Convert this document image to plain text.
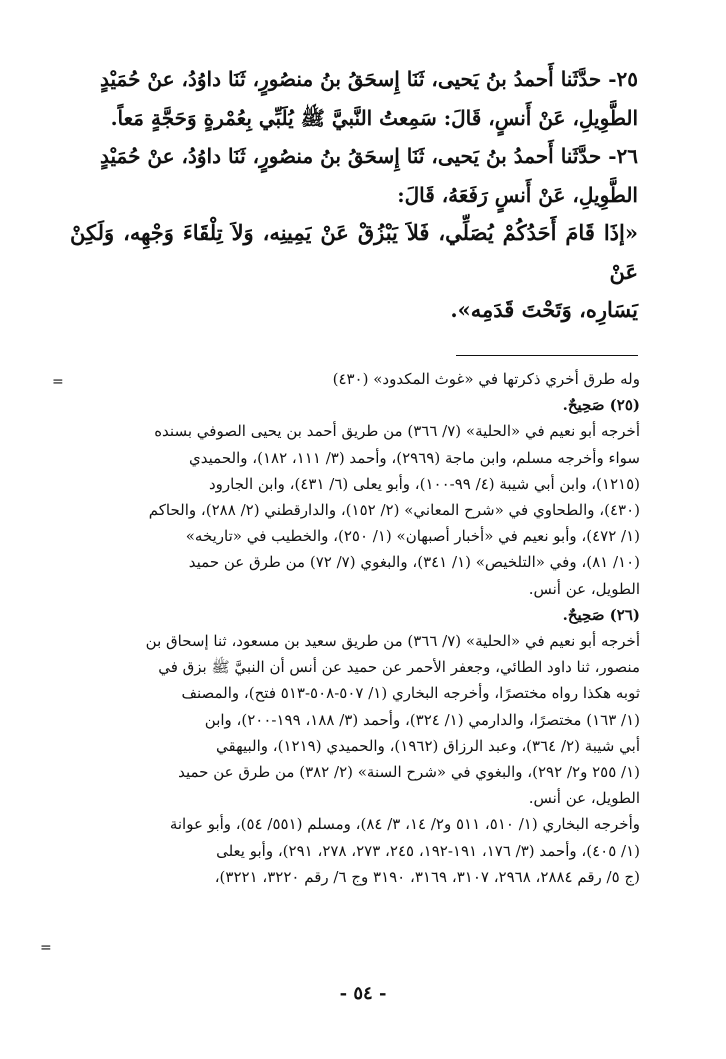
٢٥- حدَّثَنا أَحمدُ بنُ يَحيى، ثَنَا إِسحَقُ بنُ منصُورٍ، ثَنَا داوُدُ، عنْ حُمَيْدٍ

الطَّوِيلِ، عَنْ أَنسٍ، قَالَ: سَمِعتُ النَّبيَّ ﷺ يُلَبِّي بِعُمْرةٍ وَحَجَّةٍ مَعاً.

٢٦- حدَّثَنا أَحمدُ بنُ يَحيى، ثَنَا إِسحَقُ بنُ منصُورٍ، ثَنَا داوُدُ، عنْ حُمَيْدٍ

الطَّوِيلِ، عَنْ أَنسٍ رَفَعَهُ، قَالَ:

«إذَا قَامَ أَحَدُكُمْ يُصَلِّي، فَلاَ يَبْزُقْ عَنْ يَمِينِه، وَلاَ تِلْقَاءَ وَجْهِه، وَلَكِنْ عَنْ

يَسَارِه، وَتَحْتَ قَدَمِه».

=	وله طرق أخري ذكرتها في «غوث المكدود» (٤٣٠)

(٢٥) صَحِيحٌ.

أخرجه أبو نعيم في «الحلية» (٧/ ٣٦٦) من طريق أحمد بن يحيى الصوفي بسنده

سواء وأخرجه مسلم، وابن ماجة (٢٩٦٩)، وأحمد (٣/ ١١١، ١٨٢)، والحميدي

(١٢١٥)، وابن أبي شيبة (٤/ ٩٩-١٠٠)، وأبو يعلى (٦/ ٤٣١)، وابن الجارود

(٤٣٠)، والطحاوي في «شرح المعاني» (٢/ ١٥٢)، والدارقطني (٢/ ٢٨٨)، والحاكم

(١/ ٤٧٢)، وأبو نعيم في «أخبار أصبهان» (١/ ٢٥٠)، والخطيب في «تاريخه»

(١٠/ ٨١)، وفي «التلخيص» (١/ ٣٤١)، والبغوي (٧/ ٧٢) من طرق عن حميد

الطويل، عن أنس.

(٢٦) صَحِيحٌ.

أخرجه أبو نعيم في «الحلية» (٧/ ٣٦٦) من طريق سعيد بن مسعود، ثنا إسحاق بن

منصور، ثنا داود الطائي، وجعفر الأحمر عن حميد عن أنس أن النبيَّ ﷺ بزق في

ثوبه هكذا رواه مختصرًا، وأخرجه البخاري (١/ ٥٠٧-٥٠٨-٥١٣ فتح)، والمصنف

(١/ ١٦٣) مختصرًا، والدارمي (١/ ٣٢٤)، وأحمد (٣/ ١٨٨، ١٩٩-٢٠٠)، وابن

أبي شيبة (٢/ ٣٦٤)، وعبد الرزاق (١٩٦٢)، والحميدي (١٢١٩)، والبيهقي

(١/ ٢٥٥ و٢/ ٢٩٢)، والبغوي في «شرح السنة» (٢/ ٣٨٢) من طرق عن حميد

الطويل، عن أنس.

وأخرجه البخاري (١/ ٥١٠، ٥١١ و٢/ ١٤، ٣/ ٨٤)، ومسلم (٥٥١/ ٥٤)، وأبو عوانة

(١/ ٤٠٥)، وأحمد (٣/ ١٧٦، ١٩١-١٩٢، ٢٤٥، ٢٧٣، ٢٧٨، ٢٩١)، وأبو يعلى

(ج ٥/ رقم ٢٨٨٤، ٢٩٦٨، ٣١٠٧، ٣١٦٩، ٣١٩٠ وج ٦/ رقم ٣٢٢٠، ٣٢٢١)،

=
- ٥٤ -
